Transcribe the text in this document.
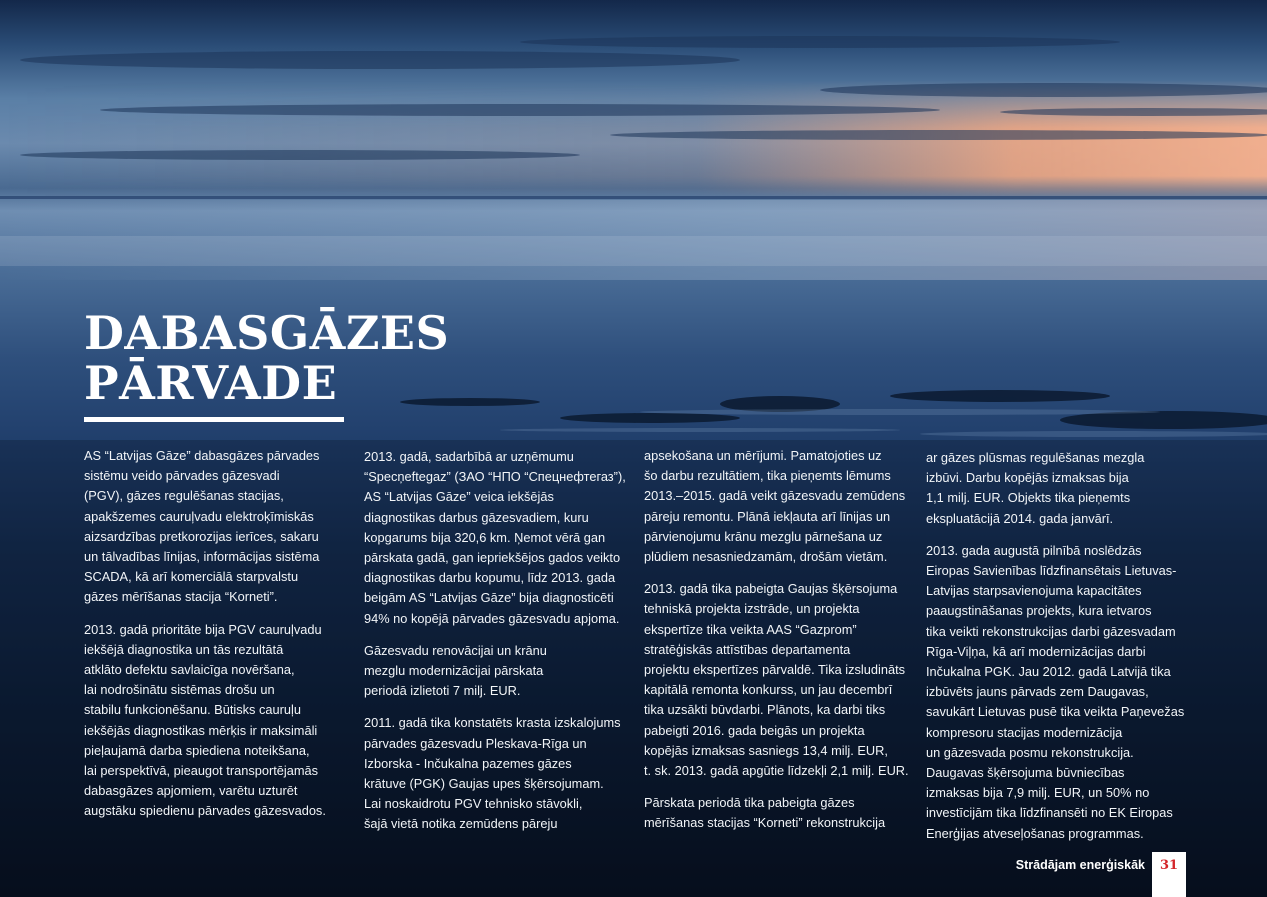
DABASGĀZES
PĀRVADE

AS “Latvijas Gāze” dabasgāzes pārvades
sistēmu veido pārvades gāzesvadi
(PGV), gāzes regulēšanas stacijas,
apakšzemes cauruļvadu elektroķīmiskās
aizsardzības pretkorozijas ierīces, sakaru
un tālvadības līnijas, informācijas sistēma
SCADA, kā arī komerciālā starpvalstu
gāzes mērīšanas stacija “Korneti”.

2013. gadā prioritāte bija PGV cauruļvadu
iekšējā diagnostika un tās rezultātā
atklāto defektu savlaicīga novēršana,
lai nodrošinātu sistēmas drošu un
stabilu funkcionēšanu. Būtisks cauruļu
iekšējās diagnostikas mērķis ir maksimāli
pieļaujamā darba spiediena noteikšana,
lai perspektīvā, pieaugot transportējamās
dabasgāzes apjomiem, varētu uzturēt
augstāku spiedienu pārvades gāzesvados.

2013. gadā, sadarbībā ar uzņēmumu
“Specņeftegaz” (ЗАО “НПО “Спецнефтегаз”),
AS “Latvijas Gāze” veica iekšējās
diagnostikas darbus gāzesvadiem, kuru
kopgarums bija 320,6 km. Ņemot vērā gan
pārskata gadā, gan iepriekšējos gados veikto
diagnostikas darbu kopumu, līdz 2013. gada
beigām AS “Latvijas Gāze” bija diagnosticēti
94% no kopējā pārvades gāzesvadu apjoma.

Gāzesvadu renovācijai un krānu
mezglu modernizācijai pārskata
periodā izlietoti 7 milj. EUR.

2011. gadā tika konstatēts krasta izskalojums
pārvades gāzesvadu Pleskava-Rīga un
Izborska - Inčukalna pazemes gāzes
krātuve (PGK) Gaujas upes šķērsojumam.
Lai noskaidrotu PGV tehnisko stāvokli,
šajā vietā notika zemūdens pāreju

apsekošana un mērījumi. Pamatojoties uz
šo darbu rezultātiem, tika pieņemts lēmums
2013.–2015. gadā veikt gāzesvadu zemūdens
pāreju remontu. Plānā iekļauta arī līnijas un
pārvienojumu krānu mezglu pārnešana uz
plūdiem nesasniedzamām, drošām vietām.

2013. gadā tika pabeigta Gaujas šķērsojuma
tehniskā projekta izstrāde, un projekta
ekspertīze tika veikta AAS “Gazprom”
stratēģiskās attīstības departamenta
projektu ekspertīzes pārvaldē. Tika izsludināts
kapitālā remonta konkurss, un jau decembrī
tika uzsākti būvdarbi. Plānots, ka darbi tiks
pabeigti 2016. gada beigās un projekta
kopējās izmaksas sasniegs 13,4 milj. EUR,
t. sk. 2013. gadā apgūtie līdzekļi 2,1 milj. EUR.

Pārskata periodā tika pabeigta gāzes
mērīšanas stacijas “Korneti” rekonstrukcija

ar gāzes plūsmas regulēšanas mezgla
izbūvi. Darbu kopējās izmaksas bija
1,1 milj. EUR. Objekts tika pieņemts
ekspluatācijā 2014. gada janvārī.

2013. gada augustā pilnībā noslēdzās
Eiropas Savienības līdzfinansētais Lietuvas-
Latvijas starpsavienojuma kapacitātes
paaugstināšanas projekts, kura ietvaros
tika veikti rekonstrukcijas darbi gāzesvadam
Rīga-Viļņa, kā arī modernizācijas darbi
Inčukalna PGK. Jau 2012. gadā Latvijā tika
izbūvēts jauns pārvads zem Daugavas,
savukārt Lietuvas pusē tika veikta Paņevežas
kompresoru stacijas modernizācija
un gāzesvada posmu rekonstrukcija.
Daugavas šķērsojuma būvniecības
izmaksas bija 7,9 milj. EUR, un 50% no
investīcijām tika līdzfinansēti no EK Eiropas
Enerģijas atveseļošanas programmas.

Strādājam enerģiskāk	31
